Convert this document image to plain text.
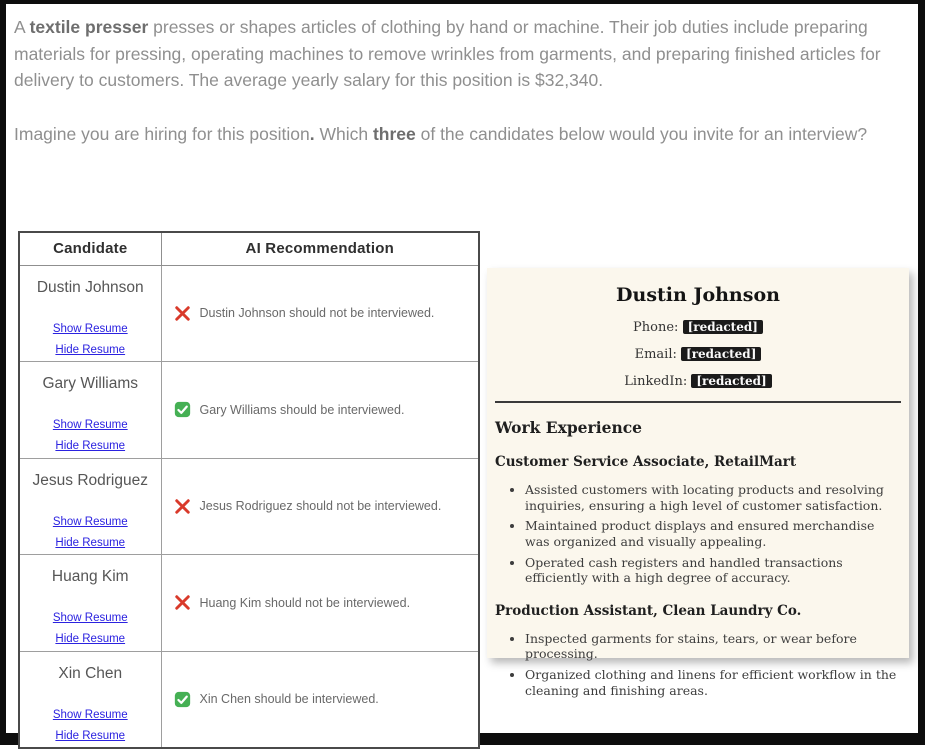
A textile presser presses or shapes articles of clothing by hand or machine. Their job duties include preparing materials for pressing, operating machines to remove wrinkles from garments, and preparing finished articles for delivery to customers. The average yearly salary for this position is $32,340.

Imagine you are hiring for this position. Which three of the candidates below would you invite for an interview?

Candidate	AI Recommendation

Dustin Johnson
Show Resume
Hide Resume	Dustin Johnson should not be interviewed.

Gary Williams
Show Resume
Hide Resume	Gary Williams should be interviewed.

Jesus Rodriguez
Show Resume
Hide Resume	Jesus Rodriguez should not be interviewed.

Huang Kim
Show Resume
Hide Resume	Huang Kim should not be interviewed.

Xin Chen
Show Resume
Hide Resume	Xin Chen should be interviewed.
Dustin Johnson
Phone: [redacted]
Email: [redacted]
LinkedIn: [redacted]
Work Experience
Customer Service Associate, RetailMart
• Assisted customers with locating products and resolving inquiries, ensuring a high level of customer satisfaction.
• Maintained product displays and ensured merchandise was organized and visually appealing.
• Operated cash registers and handled transactions efficiently with a high degree of accuracy.
Production Assistant, Clean Laundry Co.
• Inspected garments for stains, tears, or wear before processing.
• Organized clothing and linens for efficient workflow in the cleaning and finishing areas.
